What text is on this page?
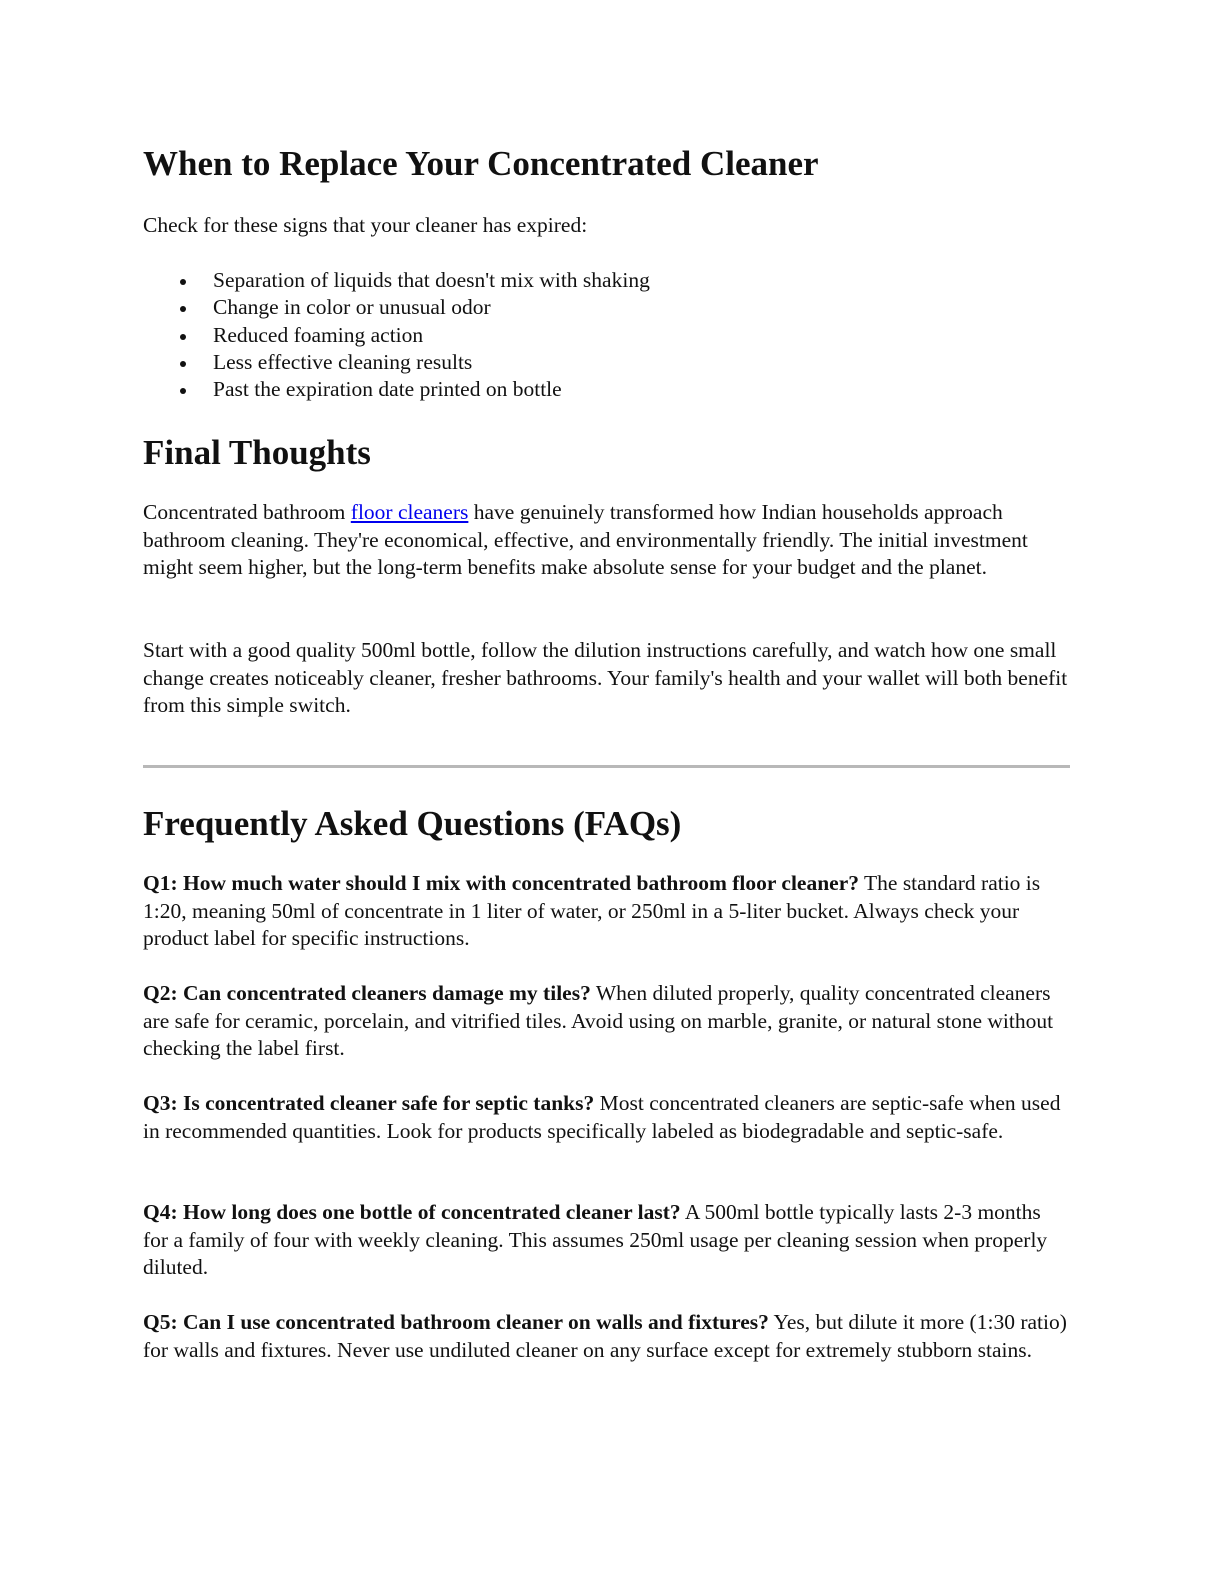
When to Replace Your Concentrated Cleaner

Check for these signs that your cleaner has expired:

Separation of liquids that doesn't mix with shaking
Change in color or unusual odor
Reduced foaming action
Less effective cleaning results
Past the expiration date printed on bottle
Final Thoughts

Concentrated bathroom floor cleaners have genuinely transformed how Indian households approach bathroom cleaning. They're economical, effective, and environmentally friendly. The initial investment might seem higher, but the long-term benefits make absolute sense for your budget and the planet.

Start with a good quality 500ml bottle, follow the dilution instructions carefully, and watch how one small change creates noticeably cleaner, fresher bathrooms. Your family's health and your wallet will both benefit from this simple switch.

Frequently Asked Questions (FAQs)

Q1: How much water should I mix with concentrated bathroom floor cleaner? The standard ratio is 1:20, meaning 50ml of concentrate in 1 liter of water, or 250ml in a 5-liter bucket. Always check your product label for specific instructions.

Q2: Can concentrated cleaners damage my tiles? When diluted properly, quality concentrated cleaners are safe for ceramic, porcelain, and vitrified tiles. Avoid using on marble, granite, or natural stone without checking the label first.

Q3: Is concentrated cleaner safe for septic tanks? Most concentrated cleaners are septic-safe when used in recommended quantities. Look for products specifically labeled as biodegradable and septic-safe.

Q4: How long does one bottle of concentrated cleaner last? A 500ml bottle typically lasts 2-3 months for a family of four with weekly cleaning. This assumes 250ml usage per cleaning session when properly diluted.

Q5: Can I use concentrated bathroom cleaner on walls and fixtures? Yes, but dilute it more (1:30 ratio) for walls and fixtures. Never use undiluted cleaner on any surface except for extremely stubborn stains.
